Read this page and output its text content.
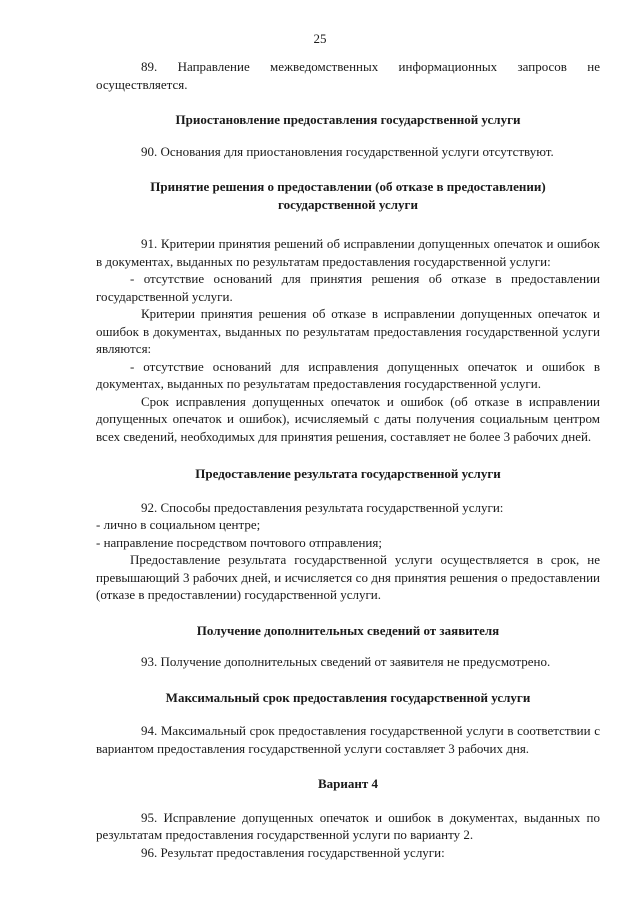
25

89. Направление межведомственных информационных запросов не осуществляется.

Приостановление предоставления государственной услуги

90. Основания для приостановления государственной услуги отсутствуют.

Принятие решения о предоставлении (об отказе в предоставлении)

государственной услуги

91. Критерии принятия решений об исправлении допущенных опечаток и ошибок в документах, выданных по результатам предоставления государственной услуги:

- отсутствие оснований для принятия решения об отказе в предоставлении государственной услуги.

Критерии принятия решения об отказе в исправлении допущенных опечаток и ошибок в документах, выданных по результатам предоставления государственной услуги являются:

- отсутствие оснований для исправления допущенных опечаток и ошибок в документах, выданных по результатам предоставления государственной услуги.

Срок исправления допущенных опечаток и ошибок (об отказе в исправлении допущенных опечаток и ошибок), исчисляемый с даты получения социальным центром всех сведений, необходимых для принятия решения, составляет не более 3 рабочих дней.

Предоставление результата государственной услуги

92. Способы предоставления результата государственной услуги:

- лично в социальном центре;

- направление посредством почтового отправления;

Предоставление результата государственной услуги осуществляется в срок, не превышающий 3 рабочих дней, и исчисляется со дня принятия решения о предоставлении (отказе в предоставлении) государственной услуги.

Получение дополнительных сведений от заявителя

93. Получение дополнительных сведений от заявителя не предусмотрено.

Максимальный срок предоставления государственной услуги

94. Максимальный срок предоставления государственной услуги в соответствии с вариантом предоставления государственной услуги составляет 3 рабочих дня.

Вариант 4

95. Исправление допущенных опечаток и ошибок в документах, выданных по результатам предоставления государственной услуги по варианту 2.

96. Результат предоставления государственной услуги:
